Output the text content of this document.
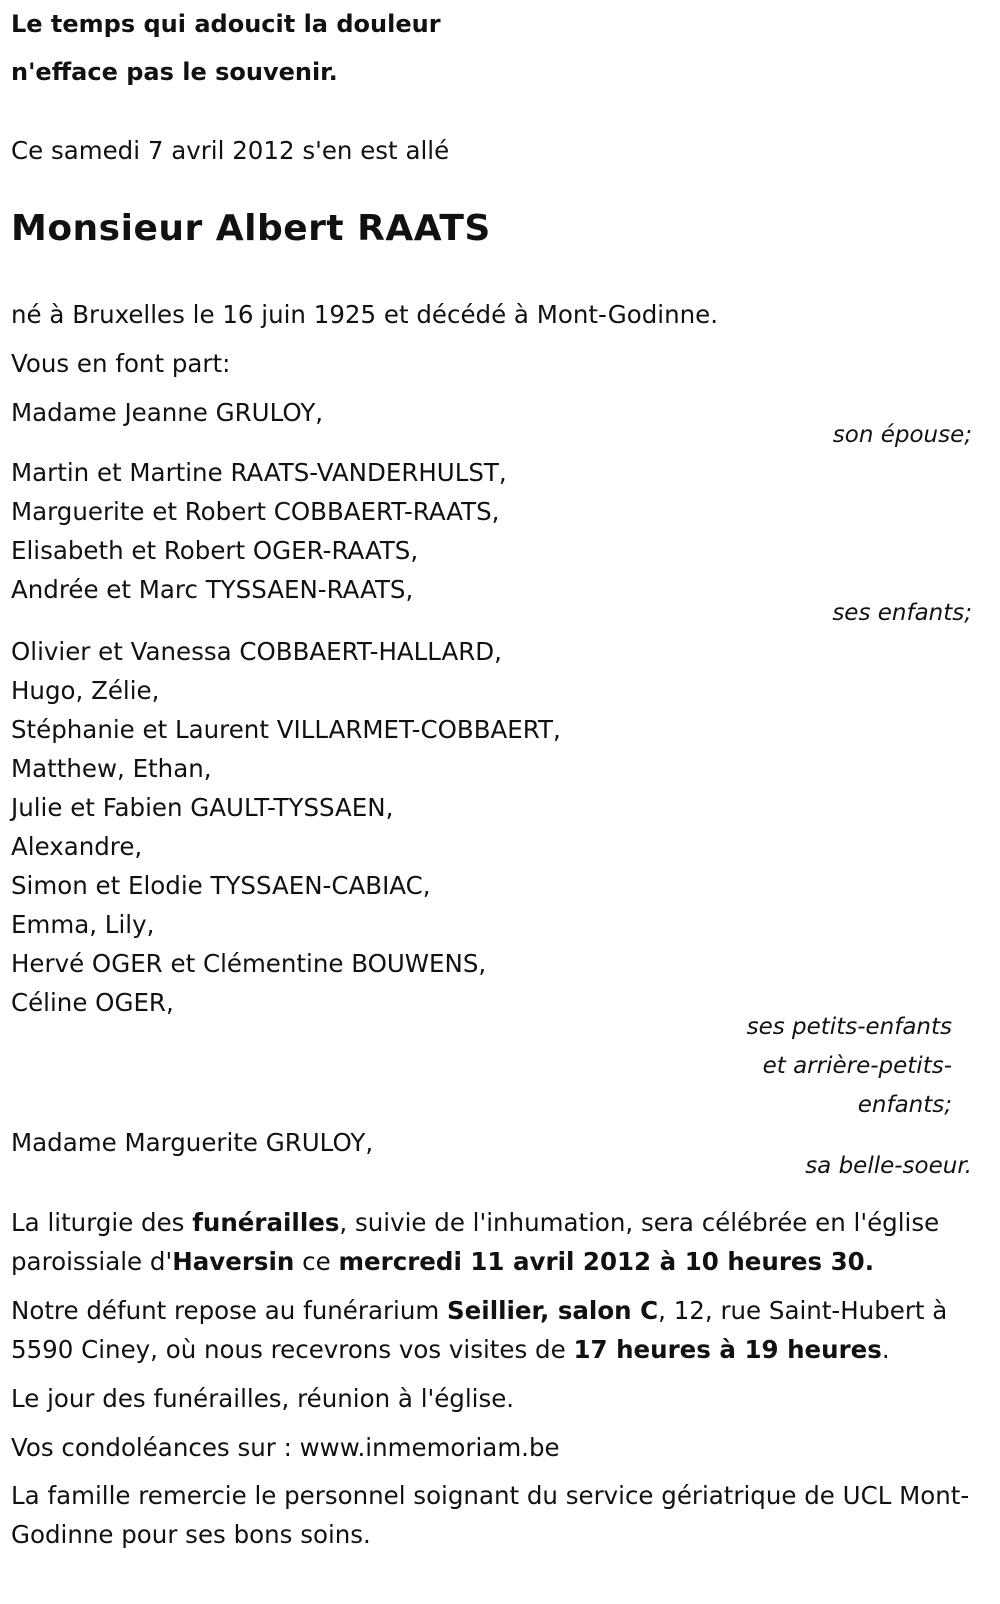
Le temps qui adoucit la douleur
n'efface pas le souvenir.
Ce samedi 7 avril 2012 s'en est allé
Monsieur Albert RAATS
né à Bruxelles le 16 juin 1925 et décédé à Mont-Godinne.
Vous en font part:
Madame Jeanne GRULOY,
son épouse;
Martin et Martine RAATS-VANDERHULST,
Marguerite et Robert COBBAERT-RAATS,
Elisabeth et Robert OGER-RAATS,
Andrée et Marc TYSSAEN-RAATS,
ses enfants;
Olivier et Vanessa COBBAERT-HALLARD,
Hugo, Zélie,
Stéphanie et Laurent VILLARMET-COBBAERT,
Matthew, Ethan,
Julie et Fabien GAULT-TYSSAEN,
Alexandre,
Simon et Elodie TYSSAEN-CABIAC,
Emma, Lily,
Hervé OGER et Clémentine BOUWENS,
Céline OGER,
ses petits-enfants
et arrière-petits-
enfants;
Madame Marguerite GRULOY,
sa belle-soeur.
La liturgie des funérailles, suivie de l'inhumation, sera célébrée en l'église paroissiale d'Haversin ce mercredi 11 avril 2012 à 10 heures 30.
Notre défunt repose au funérarium Seillier, salon C, 12, rue Saint-Hubert à 5590 Ciney, où nous recevrons vos visites de 17 heures à 19 heures.
Le jour des funérailles, réunion à l'église.
Vos condoléances sur : www.inmemoriam.be
La famille remercie le personnel soignant du service gériatrique de UCL Mont-Godinne pour ses bons soins.
